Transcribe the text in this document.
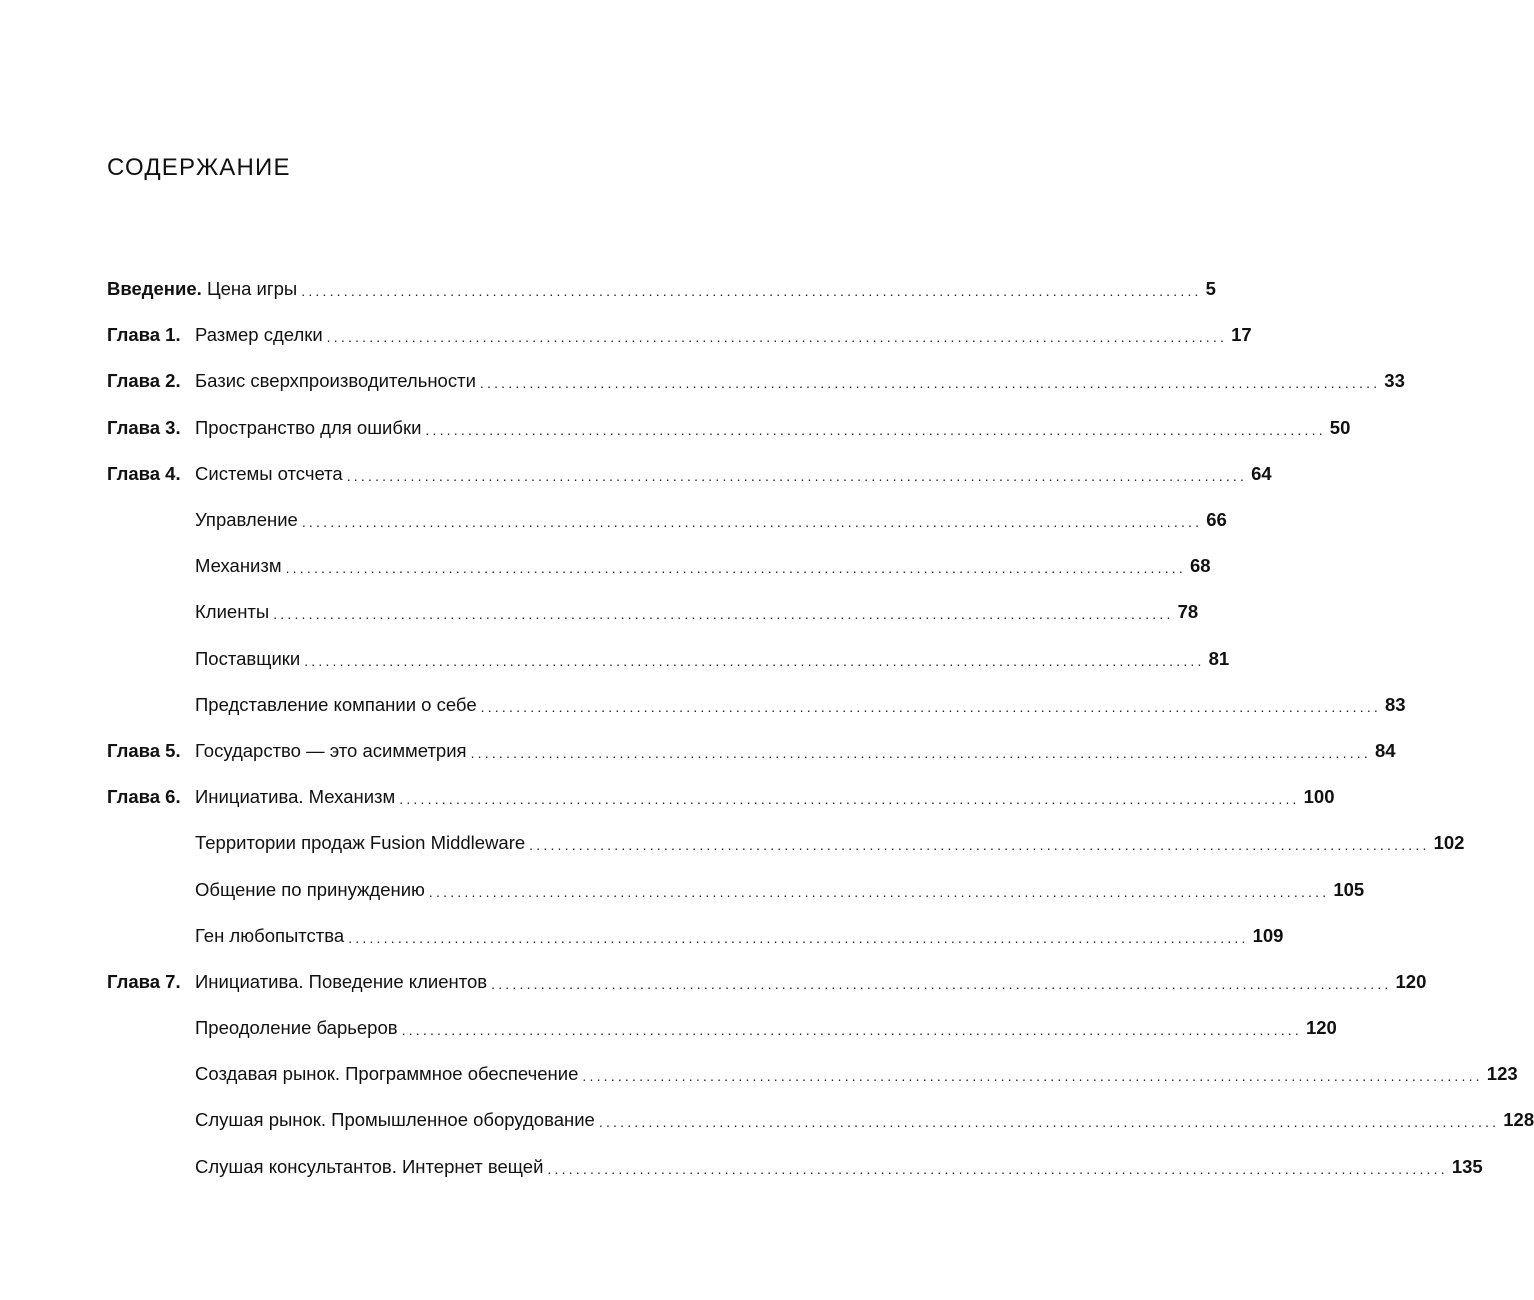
СОДЕРЖАНИЕ
Введение. Цена игры ............................................................................................................................... 5
Глава 1. Размер сделки ............................................................................................................................... 17
Глава 2. Базис сверхпроизводительности ............................................................................................................................... 33
Глава 3. Пространство для ошибки ............................................................................................................................... 50
Глава 4. Системы отсчета ............................................................................................................................... 64
Управление ............................................................................................................................... 66
Механизм ............................................................................................................................... 68
Клиенты ............................................................................................................................... 78
Поставщики ............................................................................................................................... 81
Представление компании о себе ............................................................................................................................... 83
Глава 5. Государство — это асимметрия ............................................................................................................................... 84
Глава 6. Инициатива. Механизм ............................................................................................................................... 100
Территории продаж Fusion Middleware ............................................................................................................................... 102
Общение по принуждению ............................................................................................................................... 105
Ген любопытства ............................................................................................................................... 109
Глава 7. Инициатива. Поведение клиентов ............................................................................................................................... 120
Преодоление барьеров ............................................................................................................................... 120
Создавая рынок. Программное обеспечение ............................................................................................................................... 123
Слушая рынок. Промышленное оборудование ............................................................................................................................... 128
Слушая консультантов. Интернет вещей ............................................................................................................................... 135
